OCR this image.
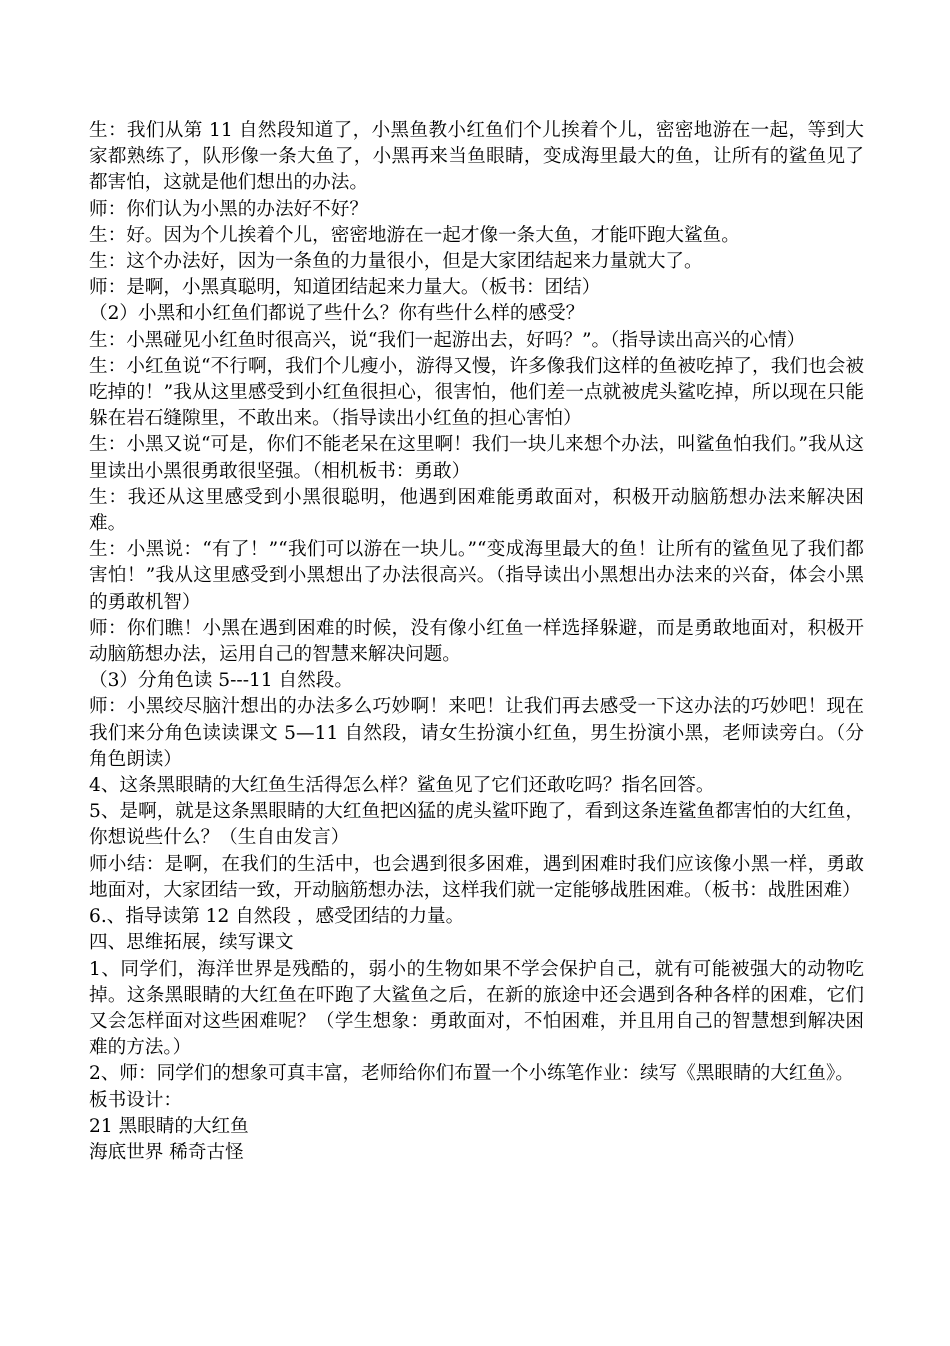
生：我们从第 11 自然段知道了，小黑鱼教小红鱼们个儿挨着个儿，密密地游在一起，等到大家都熟练了，队形像一条大鱼了，小黑再来当鱼眼睛，变成海里最大的鱼，让所有的鲨鱼见了都害怕，这就是他们想出的办法。

师：你们认为小黑的办法好不好？

生：好。因为个儿挨着个儿，密密地游在一起才像一条大鱼，才能吓跑大鲨鱼。

生：这个办法好，因为一条鱼的力量很小，但是大家团结起来力量就大了。

师：是啊，小黑真聪明，知道团结起来力量大。（板书：团结）

（2）小黑和小红鱼们都说了些什么？你有些什么样的感受？

生：小黑碰见小红鱼时很高兴，说“我们一起游出去，好吗？”。（指导读出高兴的心情）

生：小红鱼说“不行啊，我们个儿瘦小，游得又慢，许多像我们这样的鱼被吃掉了，我们也会被吃掉的！”我从这里感受到小红鱼很担心，很害怕，他们差一点就被虎头鲨吃掉，所以现在只能躲在岩石缝隙里，不敢出来。（指导读出小红鱼的担心害怕）

生：小黑又说“可是，你们不能老呆在这里啊！我们一块儿来想个办法，叫鲨鱼怕我们。”我从这里读出小黑很勇敢很坚强。（相机板书：勇敢）

生：我还从这里感受到小黑很聪明，他遇到困难能勇敢面对，积极开动脑筋想办法来解决困难。

生：小黑说：“有了！”“我们可以游在一块儿。”“变成海里最大的鱼！让所有的鲨鱼见了我们都害怕！”我从这里感受到小黑想出了办法很高兴。（指导读出小黑想出办法来的兴奋，体会小黑的勇敢机智）

师：你们瞧！小黑在遇到困难的时候，没有像小红鱼一样选择躲避，而是勇敢地面对，积极开动脑筋想办法，运用自己的智慧来解决问题。

（3）分角色读 5---11 自然段。

师：小黑绞尽脑汁想出的办法多么巧妙啊！来吧！让我们再去感受一下这办法的巧妙吧！现在我们来分角色读读课文 5—11 自然段，请女生扮演小红鱼，男生扮演小黑，老师读旁白。（分角色朗读）

4、这条黑眼睛的大红鱼生活得怎么样？鲨鱼见了它们还敢吃吗？指名回答。

5、是啊，就是这条黑眼睛的大红鱼把凶猛的虎头鲨吓跑了，看到这条连鲨鱼都害怕的大红鱼，你想说些什么？（生自由发言）

师小结：是啊，在我们的生活中，也会遇到很多困难，遇到困难时我们应该像小黑一样，勇敢地面对，大家团结一致，开动脑筋想办法，这样我们就一定能够战胜困难。（板书：战胜困难）

6.、指导读第 12 自然段 ，感受团结的力量。

四、思维拓展，续写课文

1、同学们，海洋世界是残酷的，弱小的生物如果不学会保护自己，就有可能被强大的动物吃掉。这条黑眼睛的大红鱼在吓跑了大鲨鱼之后，在新的旅途中还会遇到各种各样的困难，它们又会怎样面对这些困难呢？（学生想象：勇敢面对，不怕困难，并且用自己的智慧想到解决困难的方法。）

2、师：同学们的想象可真丰富，老师给你们布置一个小练笔作业：续写《黑眼睛的大红鱼》。

板书设计：

21 黑眼睛的大红鱼

海底世界 稀奇古怪
